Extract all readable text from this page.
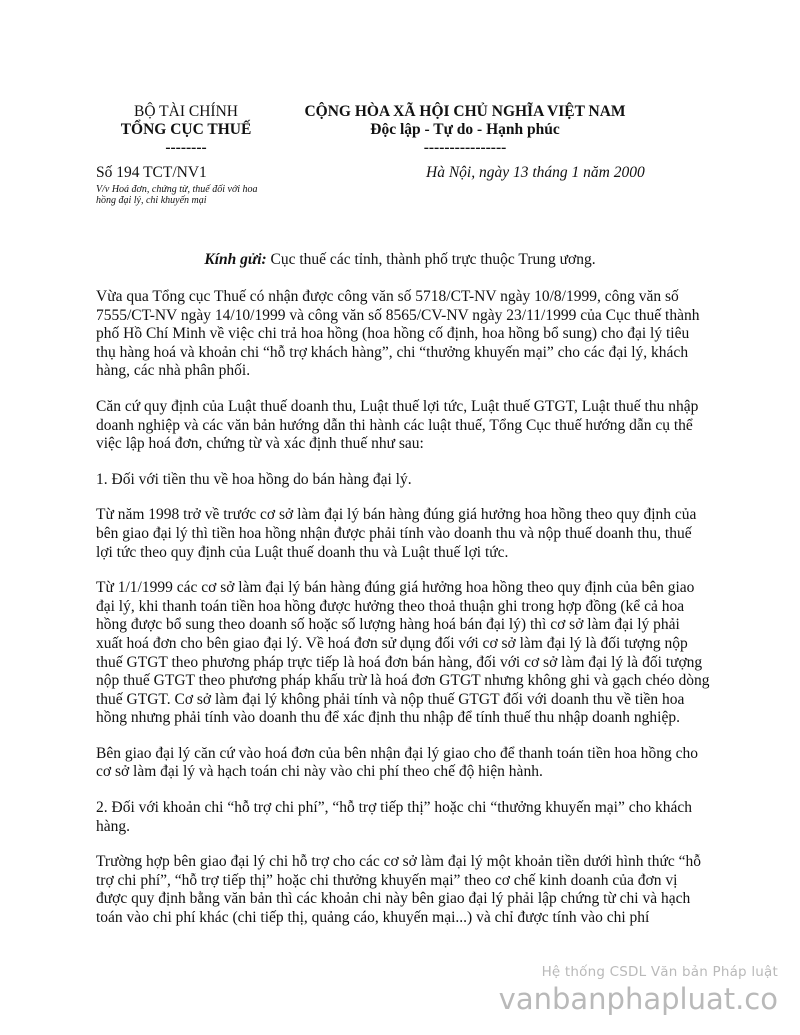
BỘ TÀI CHÍNH
TỔNG CỤC THUẾ
--------
CỘNG HÒA XÃ HỘI CHỦ NGHĨA VIỆT NAM
Độc lập - Tự do - Hạnh phúc
----------------
Số 194 TCT/NV1
V/v Hoá đơn, chứng từ, thuế đối với hoa
hồng đại lý, chi khuyến mại
Hà Nội, ngày 13 tháng 1 năm 2000
Kính gửi: Cục thuế các tỉnh, thành phố trực thuộc Trung ương.

Vừa qua Tổng cục Thuế có nhận được công văn số 5718/CT-NV ngày 10/8/1999, công văn số 7555/CT-NV ngày 14/10/1999 và công văn số 8565/CV-NV ngày 23/11/1999 của Cục thuế thành phố Hồ Chí Minh về việc chi trả hoa hồng (hoa hồng cố định, hoa hồng bổ sung) cho đại lý tiêu thụ hàng hoá và khoản chi “hỗ trợ khách hàng”, chi “thưởng khuyến mại” cho các đại lý, khách hàng, các nhà phân phối.

Căn cứ quy định của Luật thuế doanh thu, Luật thuế lợi tức, Luật thuế GTGT, Luật thuế thu nhập doanh nghiệp và các văn bản hướng dẫn thi hành các luật thuế, Tổng Cục thuế hướng dẫn cụ thể việc lập hoá đơn, chứng từ và xác định thuế như sau:

1. Đối với tiền thu về hoa hồng do bán hàng đại lý.

Từ năm 1998 trở về trước cơ sở làm đại lý bán hàng đúng giá hưởng hoa hồng theo quy định của bên giao đại lý thì tiền hoa hồng nhận được phải tính vào doanh thu và nộp thuế doanh thu, thuế lợi tức theo quy định của Luật thuế doanh thu và Luật thuế lợi tức.

Từ 1/1/1999 các cơ sở làm đại lý bán hàng đúng giá hưởng hoa hồng theo quy định của bên giao đại lý, khi thanh toán tiền hoa hồng được hưởng theo thoả thuận ghi trong hợp đồng (kể cả hoa hồng được bổ sung theo doanh số hoặc số lượng hàng hoá bán đại lý) thì cơ sở làm đại lý phải xuất hoá đơn cho bên giao đại lý. Về hoá đơn sử dụng đối với cơ sở làm đại lý là đối tượng nộp thuế GTGT theo phương pháp trực tiếp là hoá đơn bán hàng, đối với cơ sở làm đại lý là đối tượng nộp thuế GTGT theo phương pháp khấu trừ là hoá đơn GTGT nhưng không ghi và gạch chéo dòng thuế GTGT. Cơ sở làm đại lý không phải tính và nộp thuế GTGT đối với doanh thu về tiền hoa hồng nhưng phải tính vào doanh thu để xác định thu nhập để tính thuế thu nhập doanh nghiệp.

Bên giao đại lý căn cứ vào hoá đơn của bên nhận đại lý giao cho để thanh toán tiền hoa hồng cho cơ sở làm đại lý và hạch toán chi này vào chi phí theo chế độ hiện hành.

2. Đối với khoản chi “hỗ trợ chi phí”, “hỗ trợ tiếp thị” hoặc chi “thưởng khuyến mại” cho khách hàng.

Trường hợp bên giao đại lý chi hỗ trợ cho các cơ sở làm đại lý một khoản tiền dưới hình thức “hỗ trợ chi phí”, “hỗ trợ tiếp thị” hoặc chi thưởng khuyến mại” theo cơ chế kinh doanh của đơn vị được quy định bằng văn bản thì các khoản chi này bên giao đại lý phải lập chứng từ chi và hạch toán vào chi phí khác (chi tiếp thị, quảng cáo, khuyến mại...) và chỉ được tính vào chi phí

Hệ thống CSDL Văn bản Pháp luật
vanbanphapluat.co
